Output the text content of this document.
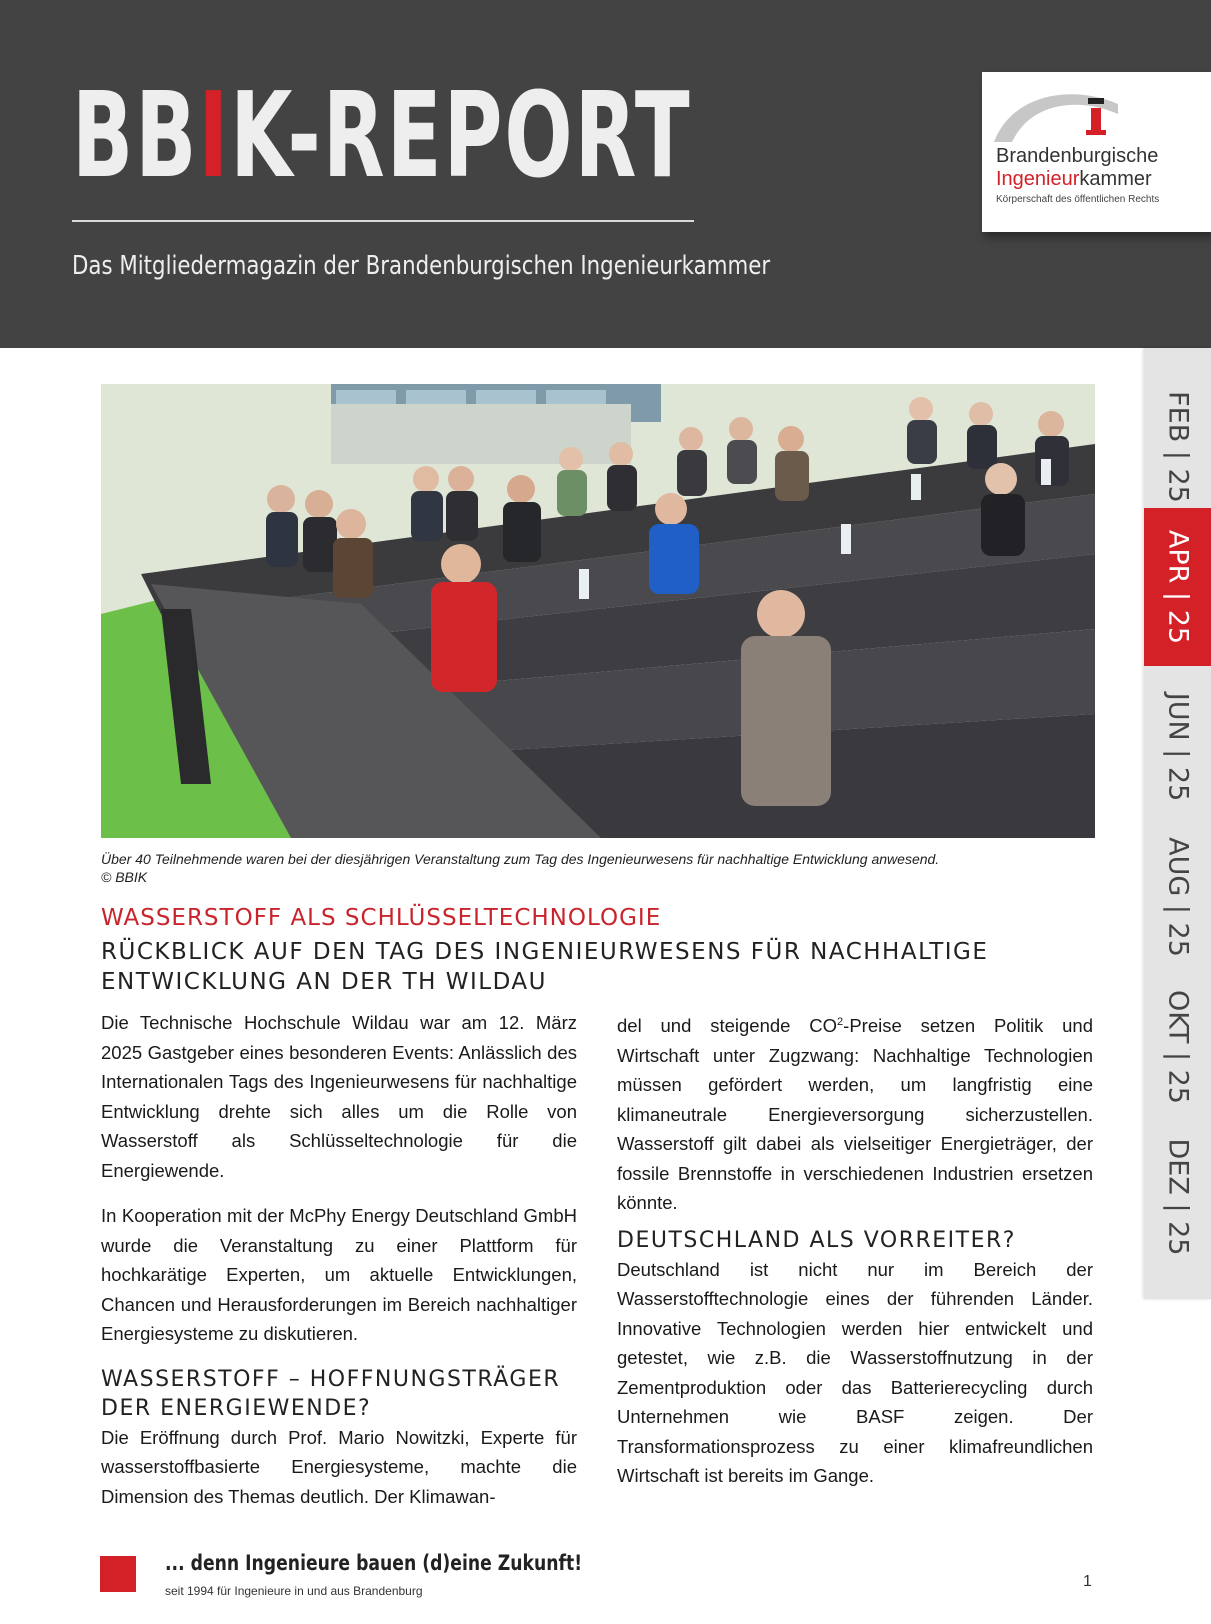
BBIK-REPORT
Das Mitgliedermagazin der Brandenburgischen Ingenieurkammer
Brandenburgische
Ingenieurkammer
Körperschaft des öffentlichen Rechts
FEB | 25
APR | 25
JUN | 25
AUG | 25
OKT | 25
DEZ | 25
Über 40 Teilnehmende waren bei der diesjährigen Veranstaltung zum Tag des Ingenieurwesens für nachhaltige Entwicklung anwesend.
© BBIK
WASSERSTOFF ALS SCHLÜSSELTECHNOLOGIE
RÜCKBLICK AUF DEN TAG DES INGENIEURWESENS FÜR NACHHALTIGE ENTWICKLUNG AN DER TH WILDAU

Die Technische Hochschule Wildau war am 12. März 2025 Gastgeber eines besonderen Events: Anlässlich des Internationalen Tags des Ingenieurwesens für nachhaltige Entwicklung drehte sich alles um die Rolle von Wasserstoff als Schlüsseltechnologie für die Energiewende.

In Kooperation mit der McPhy Energy Deutschland GmbH wurde die Veranstaltung zu einer Plattform für hochkarätige Experten, um aktuelle Entwicklungen, Chancen und Herausforderungen im Bereich nachhaltiger Energiesysteme zu diskutieren.

WASSERSTOFF – HOFFNUNGSTRÄGER DER ENERGIEWENDE?

Die Eröffnung durch Prof. Mario Nowitzki, Experte für wasserstoffbasierte Energiesysteme, machte die Dimension des Themas deutlich. Der Klimawan-

del und steigende $CO^2$-Preise setzen Politik und Wirtschaft unter Zugzwang: Nachhaltige Technologien müssen gefördert werden, um langfristig eine klimaneutrale Energieversorgung sicherzustellen. Wasserstoff gilt dabei als vielseitiger Energieträger, der fossile Brennstoffe in verschiedenen Industrien ersetzen könnte.

DEUTSCHLAND ALS VORREITER?

Deutschland ist nicht nur im Bereich der Wasserstofftechnologie eines der führenden Länder. Innovative Technologien werden hier entwickelt und getestet, wie z.B. die Wasserstoffnutzung in der Zementproduktion oder das Batterierecycling durch Unternehmen wie BASF zeigen. Der Transformationsprozess zu einer klimafreundlichen Wirtschaft ist bereits im Gange.

... denn Ingenieure bauen (d)eine Zukunft!
seit 1994 für Ingenieure in und aus Brandenburg
1
